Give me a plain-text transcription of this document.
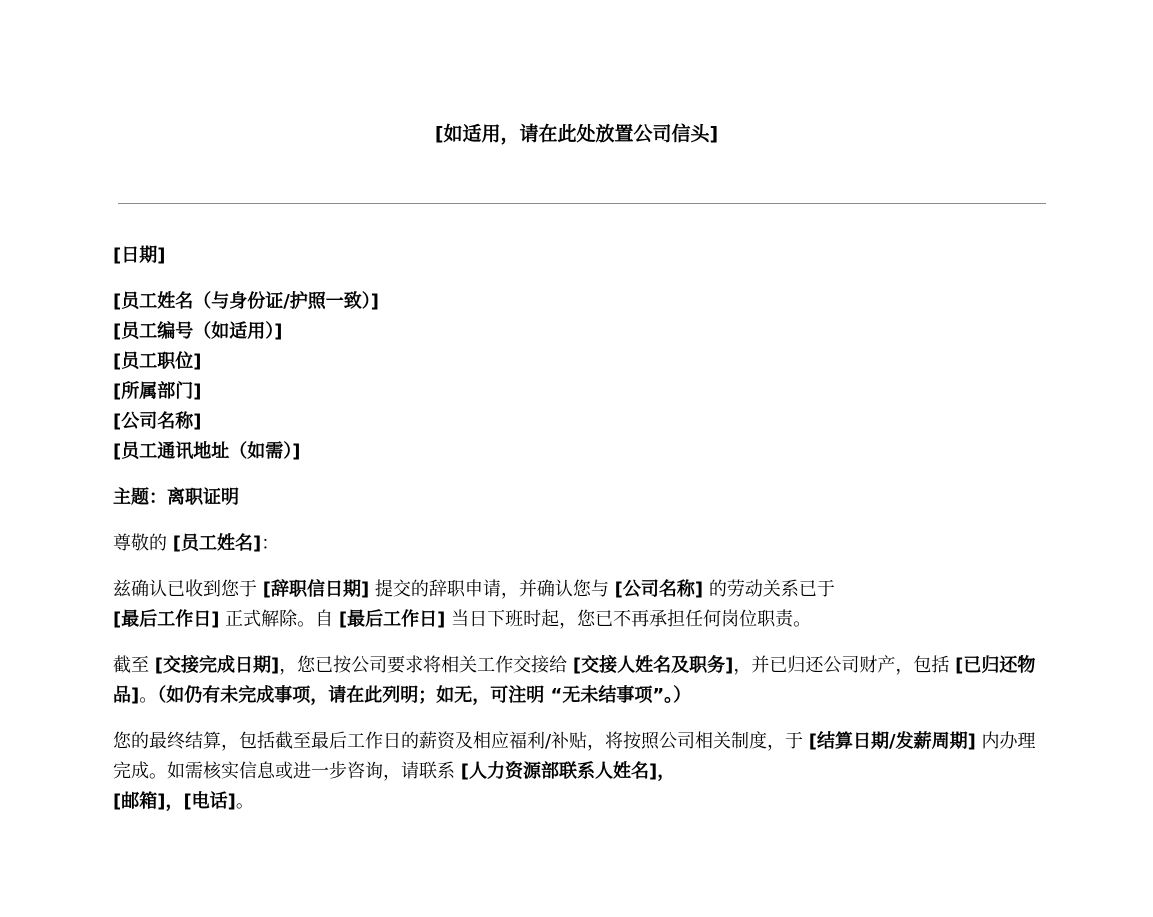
[如适用，请在此处放置公司信头]

[日期]

[员工姓名（与身份证/护照一致）]
[员工编号（如适用）]
[员工职位]
[所属部门]
[公司名称]
[员工通讯地址（如需）]

主题：离职证明

尊敬的 [员工姓名]：

兹确认已收到您于 [辞职信日期] 提交的辞职申请，并确认您与 [公司名称] 的劳动关系已于
[最后工作日] 正式解除。自 [最后工作日] 当日下班时起，您已不再承担任何岗位职责。

截至 [交接完成日期]，您已按公司要求将相关工作交接给 [交接人姓名及职务]，并已归还公司财产，包括 [已归还物品]。（如仍有未完成事项，请在此列明；如无，可注明 “无未结事项”。）

您的最终结算，包括截至最后工作日的薪资及相应福利/补贴，将按照公司相关制度，于 [结算日期/发薪周期] 内办理完成。如需核实信息或进一步咨询，请联系 [人力资源部联系人姓名]，
[邮箱]，[电话]。
